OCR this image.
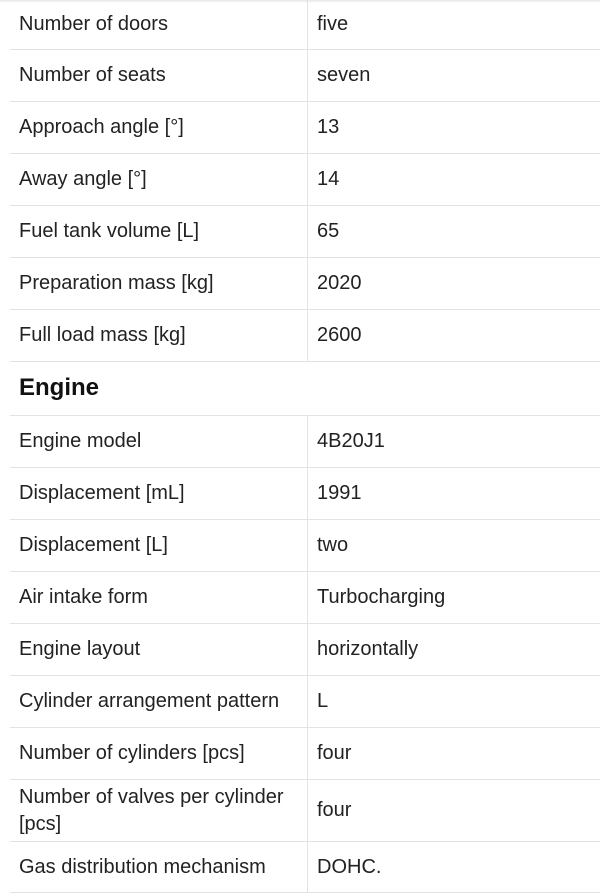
Number of doors	five
Number of seats	seven
Approach angle [°]	13
Away angle [°]	14
Fuel tank volume [L]	65
Preparation mass [kg]	2020
Full load mass [kg]	2600
Engine
Engine model	4B20J1
Displacement [mL]	1991
Displacement [L]	two
Air intake form	Turbocharging
Engine layout	horizontally
Cylinder arrangement pattern	L
Number of cylinders [pcs]	four
Number of valves per cylinder [pcs]	four
Gas distribution mechanism	DOHC.
